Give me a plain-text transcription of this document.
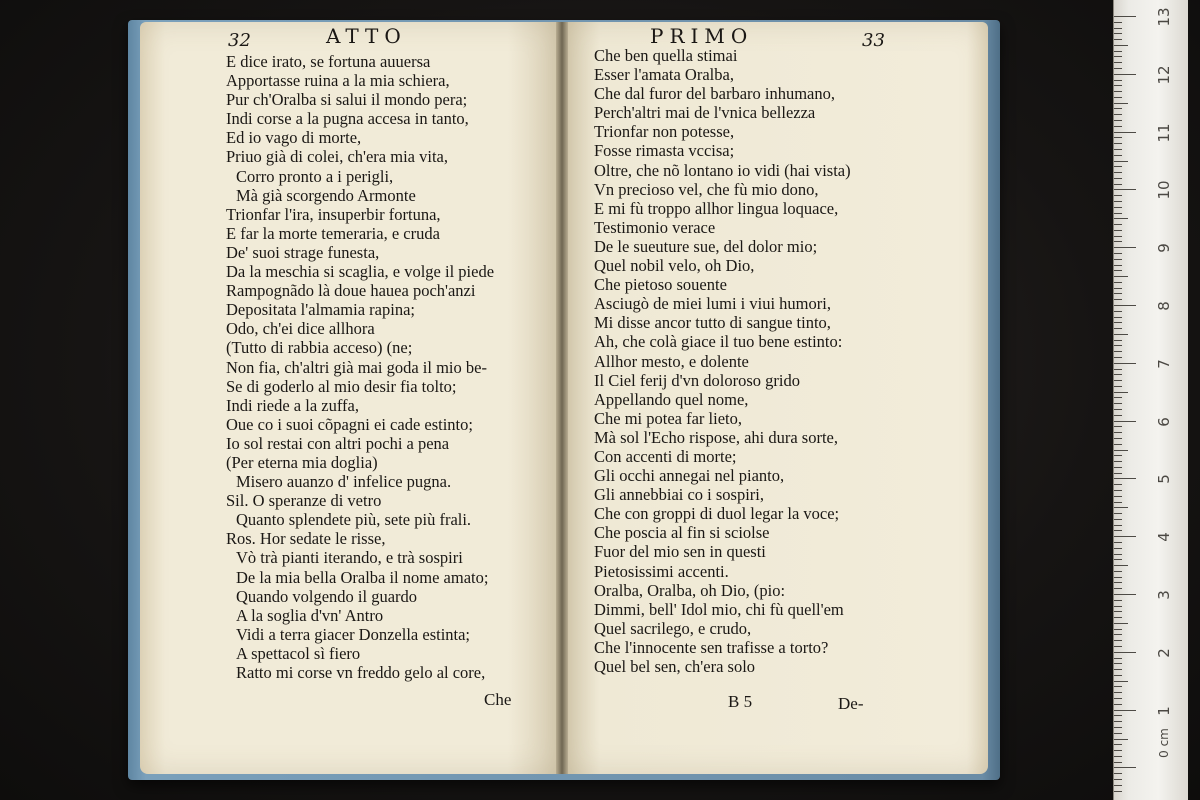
32	ATTO	PRIMO	33
E dice irato, se fortuna auuersa
Apportasse ruina a la mia schiera,
Pur ch'Oralba si salui il mondo pera;
Indi corse a la pugna accesa in tanto,
Ed io vago di morte,
Priuo già di colei, ch'era mia vita,
Corro pronto a i perigli,
Mà già scorgendo Armonte
Trionfar l'ira, insuperbir fortuna,
E far la morte temeraria, e cruda
De' suoi strage funesta,
Da la meschia si scaglia, e volge il piede
Rampognãdo là doue hauea poch'anzi
Depositata l'almamia rapina;
Odo, ch'ei dice allhora
(Tutto di rabbia acceso) (ne;
Non fia, ch'altri già mai goda il mio be-
Se di goderlo al mio desir fia tolto;
Indi riede a la zuffa,
Oue co i suoi cõpagni ei cade estinto;
Io sol restai con altri pochi a pena
(Per eterna mia doglia)
Misero auanzo d' infelice pugna.
Sil. O speranze di vetro
Quanto splendete più, sete più frali.
Ros. Hor sedate le risse,
Vò trà pianti iterando, e trà sospiri
De la mia bella Oralba il nome amato;
Quando volgendo il guardo
A la soglia d'vn' Antro
Vidi a terra giacer Donzella estinta;
A spettacol sì fiero
Ratto mi corse vn freddo gelo al core,
Che ben quella stimai
Esser l'amata Oralba,
Che dal furor del barbaro inhumano,
Perch'altri mai de l'vnica bellezza
Trionfar non potesse,
Fosse rimasta vccisa;
Oltre, che nõ lontano io vidi (hai vista)
Vn precioso vel, che fù mio dono,
E mi fù troppo allhor lingua loquace,
Testimonio verace
De le sueuture sue, del dolor mio;
Quel nobil velo, oh Dio,
Che pietoso souente
Asciugò de miei lumi i viui humori,
Mi disse ancor tutto di sangue tinto,
Ah, che colà giace il tuo bene estinto:
Allhor mesto, e dolente
Il Ciel ferij d'vn doloroso grido
Appellando quel nome,
Che mi potea far lieto,
Mà sol l'Echo rispose, ahi dura sorte,
Con accenti di morte;
Gli occhi annegai nel pianto,
Gli annebbiai co i sospiri,
Che con groppi di duol legar la voce;
Che poscia al fin si sciolse
Fuor del mio sen in questi
Pietosissimi accenti.
Oralba, Oralba, oh Dio, (pio:
Dimmi, bell' Idol mio, chi fù quell'em
Quel sacrilego, e crudo,
Che l'innocente sen trafisse a torto?
Quel bel sen, ch'era solo
Che	B 5	De-
13
12
11
10
9
8
7
6
5
4
3
2
1
0 cm
